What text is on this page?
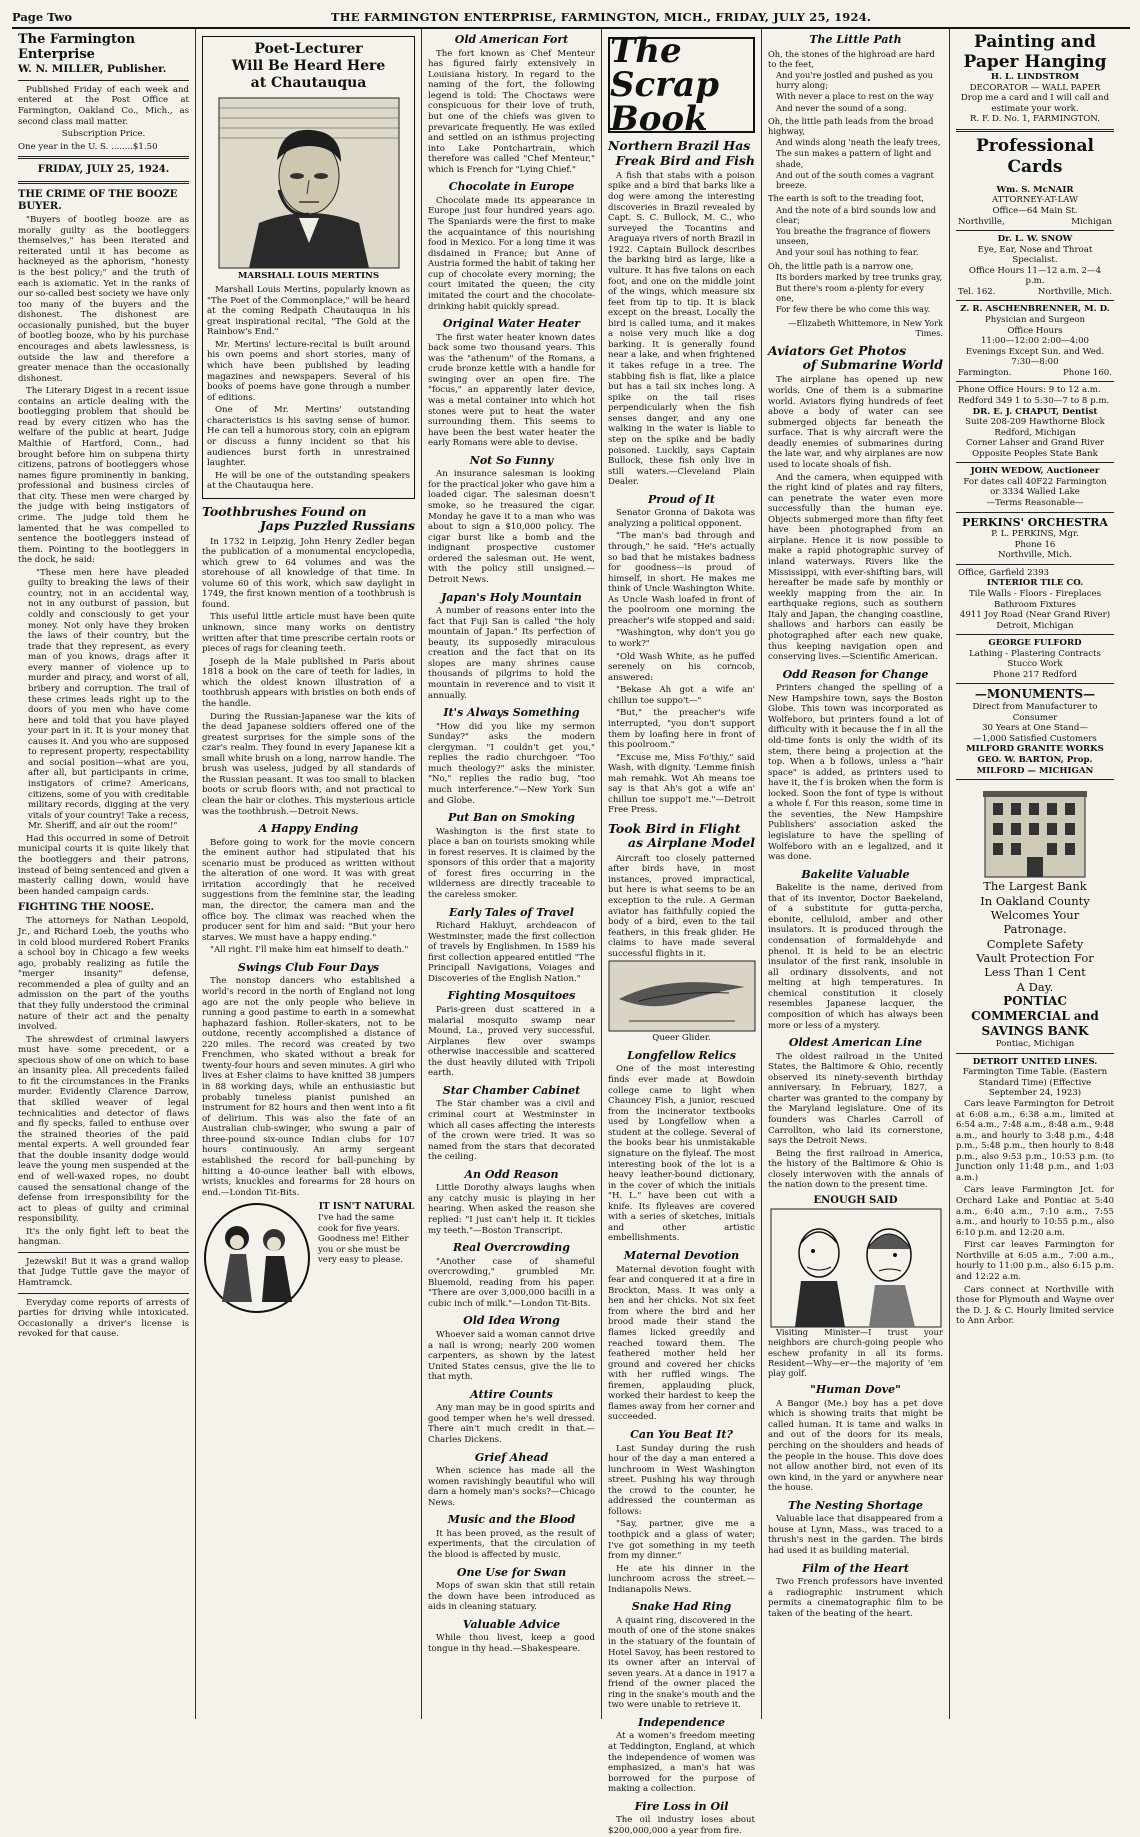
Page Two	THE FARMINGTON ENTERPRISE, FARMINGTON, MICH., FRIDAY, JULY 25, 1924.
The Farmington Enterprise
W. N. MILLER, Publisher.

Published Friday of each week and entered at the Post Office at Farmington, Oakland Co., Mich., as second class mail matter.

Subscription Price.

One year in the U. S. ........$1.50

FRIDAY, JULY 25, 1924.
THE CRIME OF THE BOOZE BUYER.

"Buyers of bootleg booze are as morally guilty as the bootleggers themselves," has been iterated and reiterated until it has become as hackneyed as the aphorism, "honesty is the best policy;" and the truth of each is axiomatic. Yet in the ranks of our so-called best society we have only too many of the buyers and the dishonest. The dishonest are occasionally punished, but the buyer of bootleg booze, who by his purchase encourages and abets lawlessness, is outside the law and therefore a greater menace than the occasionally dishonest.

The Literary Digest in a recent issue contains an article dealing with the bootlegging problem that should be read by every citizen who has the welfare of the public at heart. Judge Malthie of Hartford, Conn., had brought before him on subpena thirty citizens, patrons of bootleggers whose names figure prominently in banking, professional and business circles of that city. These men were charged by the judge with being instigators of crime. The judge told them he lamented that he was compelled to sentence the bootleggers instead of them. Pointing to the bootleggers in the dock, he said:

"These men here have pleaded guilty to breaking the laws of their country, not in an accidental way, not in any outburst of passion, but coldly and consciously to get your money. Not only have they broken the laws of their country, but the trade that they represent, as every man of you knows, drags after it every manner of violence up to murder and piracy, and worst of all, bribery and corruption. The trail of these crimes leads right up to the doors of you men who have come here and told that you have played your part in it. It is your money that causes it. And you who are supposed to represent property, respectability and social position—what are you, after all, but participants in crime, instigators of crime? Americans, citizens, some of you with creditable military records, digging at the very vitals of your country! Take a recess, Mr. Sheriff, and air out the room!"

Had this occurred in some of Detroit municipal courts it is quite likely that the bootleggers and their patrons, instead of being sentenced and given a masterly calling down, would have been handed campaign cards.

FIGHTING THE NOOSE.

The attorneys for Nathan Leopold, Jr., and Richard Loeb, the youths who in cold blood murdered Robert Franks a school boy in Chicago a few weeks ago, probably realizing as futile the "merger insanity" defense, recommended a plea of guilty and an admission on the part of the youths that they fully understood the criminal nature of their act and the penalty involved.

The shrewdest of criminal lawyers must have some precedent, or a specious show of one on which to base an insanity plea. All precedents failed to fit the circumstances in the Franks murder. Evidently Clarence Darrow, that skilled weaver of legal technicalities and detector of flaws and fly specks, failed to enthuse over the strained theories of the paid mental experts. A well grounded fear that the double insanity dodge would leave the young men suspended at the end of well-waxed ropes, no doubt caused the sensational change of the defense from irresponsibility for the act to pleas of guilty and criminal responsibility.

It's the only fight left to beat the hangman.

Jezewski! But it was a grand wallop that Judge Tuttle gave the mayor of Hamtramck.

Everyday come reports of arrests of parties for driving while intoxicated. Occasionally a driver's license is revoked for that cause.

Poet-Lecturer
Will Be Heard Here
at Chautauqua
MARSHALL LOUIS MERTINS

Marshall Louis Mertins, popularly known as "The Poet of the Commonplace," will be heard at the coming Redpath Chautauqua in his great inspirational recital, "The Gold at the Rainbow's End."

Mr. Mertins' lecture-recital is built around his own poems and short stories, many of which have been published by leading magazines and newspapers. Several of his books of poems have gone through a number of editions.

One of Mr. Mertins' outstanding characteristics is his saving sense of humor. He can tell a humorous story, coin an epigram or discuss a funny incident so that his audiences burst forth in unrestrained laughter.

He will be one of the outstanding speakers at the Chautauqua here.

Toothbrushes Found on
Japs Puzzled Russians

In 1732 in Leipzig, John Henry Zedler began the publication of a monumental encyclopedia, which grew to 64 volumes and was the storehouse of all knowledge of that time. In volume 60 of this work, which saw daylight in 1749, the first known mention of a toothbrush is found.

This useful little article must have been quite unknown, since many works on dentistry written after that time prescribe certain roots or pieces of rags for cleaning teeth.

Joseph de la Male published in Paris about 1818 a book on the care of teeth for ladies, in which the oldest known illustration of a toothbrush appears with bristles on both ends of the handle.

During the Russian-Japanese war the kits of the dead Japanese soldiers offered one of the greatest surprises for the simple sons of the czar's realm. They found in every Japanese kit a small white brush on a long, narrow handle. The brush was useless, judged by all standards of the Russian peasant. It was too small to blacken boots or scrub floors with, and not practical to clean the hair or clothes. This mysterious article was the toothbrush.—Detroit News.

A Happy Ending

Before going to work for the movie concern the eminent author had stipulated that his scenario must be produced as written without the alteration of one word. It was with great irritation accordingly that he received suggestions from the feminine star, the leading man, the director, the camera man and the office boy. The climax was reached when the producer sent for him and said: "But your hero starves. We must have a happy ending."

"All right. I'll make him eat himself to death."

Swings Club Four Days

The nonstop dancers who established a world's record in the north of England not long ago are not the only people who believe in running a good pastime to earth in a somewhat haphazard fashion. Roller-skaters, not to be outdone, recently accomplished a distance of 220 miles. The record was created by two Frenchmen, who skated without a break for twenty-four hours and seven minutes. A girl who lives at Esher claims to have knitted 38 jumpers in 88 working days, while an enthusiastic but probably tuneless pianist punished an instrument for 82 hours and then went into a fit of delirium. This was also the fate of an Australian club-swinger, who swung a pair of three-pound six-ounce Indian clubs for 107 hours continuously. An army sergeant established the record for ball-punching by hitting a 40-ounce leather ball with elbows, wrists, knuckles and forearms for 28 hours on end.—London Tit-Bits.

IT ISN'T NATURAL
I've had the same cook for five years. Goodness me! Either you or she must be very easy to please.
Old American Fort

The fort known as Chef Menteur has figured fairly extensively in Louisiana history. In regard to the naming of the fort, the following legend is told: The Choctaws were conspicuous for their love of truth, but one of the chiefs was given to prevaricate frequently. He was exiled and settled on an isthmus projecting into Lake Pontchartrain, which therefore was called "Chef Menteur," which is French for "Lying Chief."

Chocolate in Europe

Chocolate made its appearance in Europe just four hundred years ago. The Spaniards were the first to make the acquaintance of this nourishing food in Mexico. For a long time it was disdained in France; but Anne of Austria formed the habit of taking her cup of chocolate every morning; the court imitated the queen; the city imitated the court and the chocolate-drinking habit quickly spread.

Original Water Heater

The first water heater known dates back some two thousand years. This was the "athenum" of the Romans, a crude bronze kettle with a handle for swinging over an open fire. The "focus," an apparently later device, was a metal container into which hot stones were put to heat the water surrounding them. This seems to have been the best water heater the early Romans were able to devise.

Not So Funny

An insurance salesman is looking for the practical joker who gave him a loaded cigar. The salesman doesn't smoke, so he treasured the cigar. Monday he gave it to a man who was about to sign a $10,000 policy. The cigar burst like a bomb and the indignant prospective customer ordered the salesman out. He went, with the policy still unsigned.—Detroit News.

Japan's Holy Mountain

A number of reasons enter into the fact that Fuji San is called "the holy mountain of Japan." Its perfection of beauty, its supposedly miraculous creation and the fact that on its slopes are many shrines cause thousands of pilgrims to hold the mountain in reverence and to visit it annually.

It's Always Something

"How did you like my sermon Sunday?" asks the modern clergyman. "I couldn't get you," replies the radio churchgoer. "Too much theology?" asks the minister. "No," replies the radio bug, "too much interference."—New York Sun and Globe.

Put Ban on Smoking

Washington is the first state to place a ban on tourists smoking while in forest reserves. It is claimed by the sponsors of this order that a majority of forest fires occurring in the wilderness are directly traceable to the careless smoker.

Early Tales of Travel

Richard Hakluyt, archdeacon of Westminster, made the first collection of travels by Englishmen. In 1589 his first collection appeared entitled "The Principall Navigations, Voiages and Discoveries of the English Nation."

Fighting Mosquitoes

Paris-green dust scattered in a malarial mosquito swamp near Mound, La., proved very successful. Airplanes flew over swamps otherwise inaccessible and scattered the dust heavily diluted with Tripoli earth.

Star Chamber Cabinet

The Star chamber was a civil and criminal court at Westminster in which all cases affecting the interests of the crown were tried. It was so named from the stars that decorated the ceiling.

An Odd Reason

Little Dorothy always laughs when any catchy music is playing in her hearing. When asked the reason she replied: "I just can't help it. It tickles my teeth."—Boston Transcript.

Real Overcrowding

"Another case of shameful overcrowding," grumbled Mr. Bluemold, reading from his paper. "There are over 3,000,000 bacilli in a cubic inch of milk."—London Tit-Bits.

Old Idea Wrong

Whoever said a woman cannot drive a nail is wrong; nearly 200 women carpenters, as shown by the latest United States census, give the lie to that myth.

Attire Counts

Any man may be in good spirits and good temper when he's well dressed. There ain't much credit in that.—Charles Dickens.

Grief Ahead

When science has made all the women ravishingly beautiful who will darn a homely man's socks?—Chicago News.

Music and the Blood

It has been proved, as the result of experiments, that the circulation of the blood is affected by music.

One Use for Swan

Mops of swan skin that still retain the down have been introduced as aids in cleaning statuary.

Valuable Advice

While thou livest, keep a good tongue in thy head.—Shakespeare.

The Scrap Book
Northern Brazil Has
Freak Bird and Fish

A fish that stabs with a poison spike and a bird that barks like a dog were among the interesting discoveries in Brazil revealed by Capt. S. C. Bullock, M. C., who surveyed the Tocantins and Araguaya rivers of north Brazil in 1922. Captain Bullock describes the barking bird as large, like a vulture. It has five talons on each foot, and one on the middle joint of the wings, which measure six feet from tip to tip. It is black except on the breast. Locally the bird is called iuma, and it makes a noise very much like a dog barking. It is generally found near a lake, and when frightened it takes refuge in a tree. The stabbing fish is flat, like a plaice but has a tail six inches long. A spike on the tail rises perpendicularly when the fish senses danger, and any one walking in the water is liable to step on the spike and be badly poisoned. Luckily, says Captain Bullock, these fish only live in still waters.—Cleveland Plain Dealer.

Proud of It

Senator Gronna of Dakota was analyzing a political opponent.

"The man's bad through and through," he said. "He's actually so bad that he mistakes badness for goodness—is proud of himself, in short. He makes me think of Uncle Washington White. As Uncle Wash loafed in front of the poolroom one morning the preacher's wife stopped and said:

"Washington, why don't you go to work?"

"Old Wash White, as he puffed serenely on his corncob, answered:

"Bekase Ah got a wife an' chillun toe suppo't—"

"But," the preacher's wife interrupted, "you don't support them by loafing here in front of this poolroom."

"Excuse me, Miss Fo'thiy," said Wash, with dignity. 'Lemme finish mah remahk. Wot Ah means toe say is that Ah's got a wife an' chillun toe suppo't me."—Detroit Free Press.

Took Bird in Flight
as Airplane Model

Aircraft too closely patterned after birds have, in most instances, proved impractical, but here is what seems to be an exception to the rule. A German aviator has faithfully copied the body of a bird, even to the tail feathers, in this freak glider. He claims to have made several successful flights in it.

Queer Glider.
Longfellow Relics

One of the most interesting finds ever made at Bowdoin college came to light when Chauncey Fish, a junior, rescued from the incinerator textbooks used by Longfellow when a student at the college. Several of the books bear his unmistakable signature on the flyleaf. The most interesting book of the lot is a heavy leather-bound dictionary, in the cover of which the initials "H. L." have been cut with a knife. Its flyleaves are covered with a series of sketches, initials and other artistic embellishments.

Maternal Devotion

Maternal devotion fought with fear and conquered it at a fire in Brockton, Mass. It was only a hen and her chicks. Not six feet from where the bird and her brood made their stand the flames licked greedily and reached toward them. The feathered mother held her ground and covered her chicks with her ruffled wings. The firemen, applauding pluck, worked their hardest to keep the flames away from her corner and succeeded.

Can You Beat It?

Last Sunday during the rush hour of the day a man entered a lunchroom in West Washington street. Pushing his way through the crowd to the counter, he addressed the counterman as follows:

"Say, partner, give me a toothpick and a glass of water; I've got something in my teeth from my dinner."

He ate his dinner in the lunchroom across the street.—Indianapolis News.

Snake Had Ring

A quaint ring, discovered in the mouth of one of the stone snakes in the statuary of the fountain of Hotel Savoy, has been restored to its owner after an interval of seven years. At a dance in 1917 a friend of the owner placed the ring in the snake's mouth and the two were unable to retrieve it.

Independence

At a women's freedom meeting at Teddington, England, at which the independence of women was emphasized, a man's hat was borrowed for the purpose of making a collection.

Fire Loss in Oil

The oil industry loses about $200,000,000 a year from fire.

The Little Path
Oh, the stones of the highroad are hard to the feet,
And you're jostled and pushed as you hurry along;
With never a place to rest on the way
And never the sound of a song.
Oh, the little path leads from the broad highway,
And winds along 'neath the leafy trees,
The sun makes a pattern of light and shade,
And out of the south comes a vagrant breeze.
The earth is soft to the treading foot,
And the note of a bird sounds low and clear;
You breathe the fragrance of flowers unseen,
And your soul has nothing to fear.
Oh, the little path is a narrow one,
Its borders marked by tree trunks gray,
But there's room a-plenty for every one,
For few there be who come this way.
—Elizabeth Whittemore, in New York Times.
Aviators Get Photos
of Submarine World

The airplane has opened up new worlds. One of them is a submarine world. Aviators flying hundreds of feet above a body of water can see submerged objects far beneath the surface. That is why aircraft were the deadly enemies of submarines during the late war, and why airplanes are now used to locate shoals of fish.

And the camera, when equipped with the right kind of plates and ray filters, can penetrate the water even more successfully than the human eye. Objects submerged more than fifty feet have been photographed from an airplane. Hence it is now possible to make a rapid photographic survey of inland waterways. Rivers like the Mississippi, with ever-shifting bars, will hereafter be made safe by monthly or weekly mapping from the air. In earthquake regions, such as southern Italy and Japan, the changing coastline, shallows and harbors can easily be photographed after each new quake, thus keeping navigation open and conserving lives.—Scientific American.

Odd Reason for Change

Printers changed the spelling of a New Hampshire town, says the Boston Globe. This town was incorporated as Wolfeboro, but printers found a lot of difficulty with it because the f in all the old-time fonts is only the width of its stem, there being a projection at the top. When a b follows, unless a "hair space" is added, as printers used to have it, the f is broken when the form is locked. Soon the font of type is without a whole f. For this reason, some time in the seventies, the New Hampshire Publishers' association asked the legislature to have the spelling of Wolfeboro with an e legalized, and it was done.

Bakelite Valuable

Bakelite is the name, derived from that of its inventor, Doctor Baekeland, of a substitute for gutta-percha, ebonite, celluloid, amber and other insulators. It is produced through the condensation of formaldehyde and phenol. It is held to be an electric insulator of the first rank, insoluble in all ordinary dissolvents, and not melting at high temperatures. In chemical constitution it closely resembles Japanese lacquer, the composition of which has always been more or less of a mystery.

Oldest American Line

The oldest railroad in the United States, the Baltimore & Ohio, recently observed its ninety-seventh birthday anniversary. In February, 1827, a charter was granted to the company by the Maryland legislature. One of its founders was Charles Carroll of Carrollton, who laid its cornerstone, says the Detroit News.

Being the first railroad in America, the history of the Baltimore & Ohio is closely interwoven with the annals of the nation down to the present time.

ENOUGH SAID

Visiting Minister—I trust your neighbors are church-going people who eschew profanity in all its forms. Resident—Why—er—the majority of 'em play golf.

"Human Dove"

A Bangor (Me.) boy has a pet dove which is showing traits that might be called human. It is tame and walks in and out of the doors for its meals, perching on the shoulders and heads of the people in the house. This dove does not allow another bird, not even of its own kind, in the yard or anywhere near the house.

The Nesting Shortage

Valuable lace that disappeared from a house at Lynn, Mass., was traced to a thrush's nest in the garden. The birds had used it as building material.

Film of the Heart

Two French professors have invented a radiographic instrument which permits a cinematographic film to be taken of the beating of the heart.

Painting and
Paper Hanging
H. L. LINDSTROM
DECORATOR — WALL PAPER
Drop me a card and I will call and estimate your work.
R. F. D. No. 1, FARMINGTON.
Professional Cards
Wm. S. McNAIR
ATTORNEY-AT-LAW
Office—64 Main St.
Northville,	Michigan
Dr. L. W. SNOW
Eye, Ear, Nose and Throat Specialist.
Office Hours 11—12 a.m. 2—4 p.m.
Tel. 162.	Northville, Mich.
Z. R. ASCHENBRENNER, M. D.
Physician and Surgeon
Office Hours
11:00—12:00 2:00—4:00
Evenings Except Sun. and Wed. 7:30—8:00
Farmington.	Phone 160.
Phone Office Hours: 9 to 12 a.m.
Redford 349 1 to 5:30—7 to 8 p.m.
DR. E. J. CHAPUT, Dentist
Suite 208-209 Hawthorne Block
Redford, Michigan
Corner Lahser and Grand River
Opposite Peoples State Bank
JOHN WEDOW, Auctioneer
For dates call 40F22 Farmington or 3334 Walled Lake
—Terms Reasonable—
PERKINS' ORCHESTRA
P. L. PERKINS, Mgr.
Phone 16
Northville, Mich.
Office, Garfield 2393
INTERIOR TILE CO.
Tile Walls - Floors - Fireplaces Bathroom Fixtures
4911 Joy Road (Near Grand River)
Detroit, Michigan
GEORGE FULFORD
Lathing - Plastering Contracts
Stucco Work
Phone 217 Redford
—MONUMENTS—
Direct from Manufacturer to Consumer
30 Years at One Stand—
—1,000 Satisfied Customers
MILFORD GRANITE WORKS
GEO. W. BARTON, Prop.
MILFORD — MICHIGAN
The Largest Bank
In Oakland County
Welcomes Your
Patronage.
Complete Safety
Vault Protection For
Less Than 1 Cent
A Day.
PONTIAC
COMMERCIAL and
SAVINGS BANK
Pontiac, Michigan
DETROIT UNITED LINES.
Farmington Time Table. (Eastern Standard Time) (Effective September 24, 1923)

Cars leave Farmington for Detroit at 6:08 a.m., 6:38 a.m., limited at 6:54 a.m., 7:48 a.m., 8:48 a.m., 9:48 a.m., and hourly to 3:48 p.m., 4:48 p.m., 5:48 p.m., then hourly to 8:48 p.m., also 9:53 p.m., 10:53 p.m. (to Junction only 11:48 p.m., and 1:03 a.m.)

Cars leave Farmington Jct. for Orchard Lake and Pontiac at 5:40 a.m., 6:40 a.m., 7:10 a.m., 7:55 a.m., and hourly to 10:55 p.m., also 6:10 p.m. and 12:20 a.m.

First car leaves Farmington for Northville at 6:05 a.m., 7:00 a.m., hourly to 11:00 p.m., also 6:15 p.m. and 12:22 a.m.

Cars connect at Northville with those for Plymouth and Wayne over the D. J. & C. Hourly limited service to Ann Arbor.
